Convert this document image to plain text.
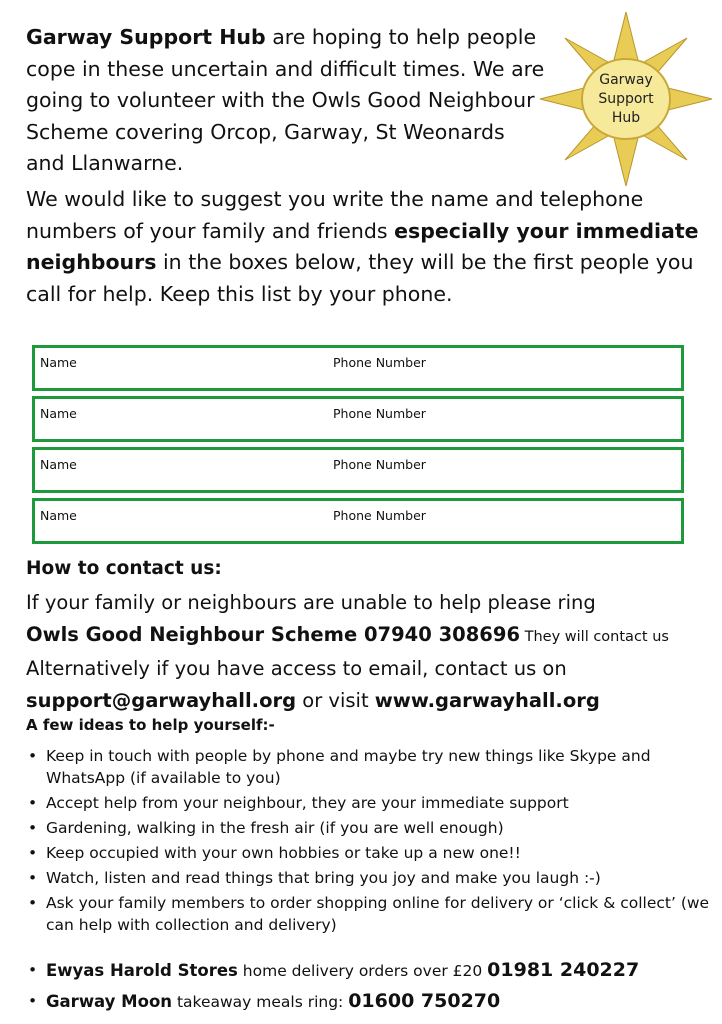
Garway Support Hub are hoping to help people cope in these uncertain and difficult times. We are going to volunteer with the Owls Good Neighbour Scheme covering Orcop, Garway, St Weonards and Llanwarne.
Garway
Support
Hub
We would like to suggest you write the name and telephone numbers of your family and friends especially your immediate neighbours in the boxes below, they will be the first people you call for help. Keep this list by your phone.
Name	Phone Number
Name	Phone Number
Name	Phone Number
Name	Phone Number
How to contact us:
If your family or neighbours are unable to help please ring
Owls Good Neighbour Scheme 07940 308696 They will contact us
Alternatively if you have access to email, contact us on
support@garwayhall.org or visit www.garwayhall.org
A few ideas to help yourself:-
• Keep in touch with people by phone and maybe try new things like Skype and WhatsApp (if available to you)
• Accept help from your neighbour, they are your immediate support
• Gardening, walking in the fresh air (if you are well enough)
• Keep occupied with your own hobbies or take up a new one!!
• Watch, listen and read things that bring you joy and make you laugh :-)
• Ask your family members to order shopping online for delivery or ‘click & collect’ (we can help with collection and delivery)
• Ewyas Harold Stores home delivery orders over £20 01981 240227
• Garway Moon takeaway meals ring: 01600 750270
